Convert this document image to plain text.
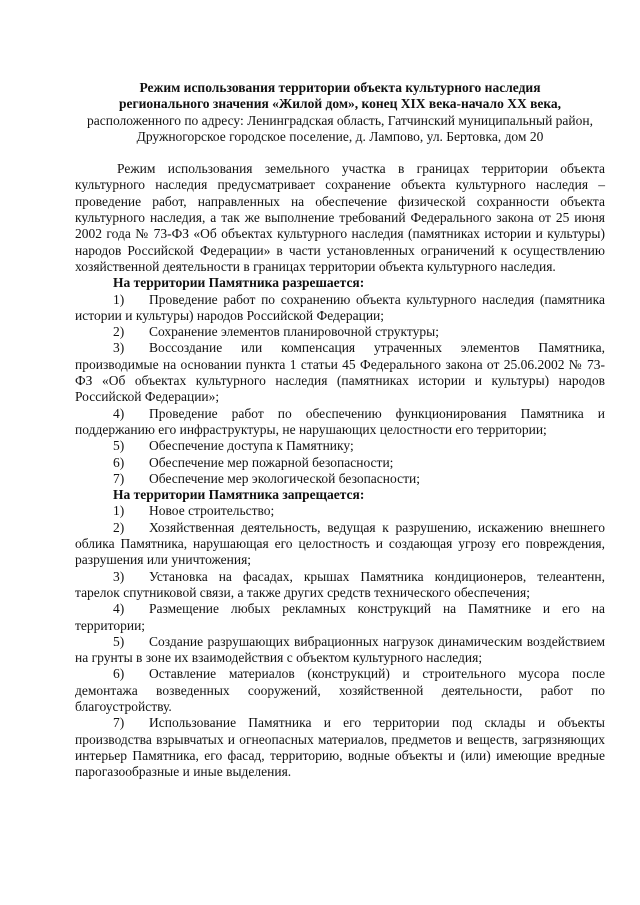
Режим использования территории объекта культурного наследия
регионального значения «Жилой дом», конец XIX века-начало XX века,
расположенного по адресу: Ленинградская область, Гатчинский муниципальный район, Дружногорское городское поселение, д. Лампово, ул. Бертовка, дом 20

Режим использования земельного участка в границах территории объекта культурного наследия предусматривает сохранение объекта культурного наследия – проведение работ, направленных на обеспечение физической сохранности объекта культурного наследия, а так же выполнение требований Федерального закона от 25 июня 2002 года № 73-ФЗ «Об объектах культурного наследия (памятниках истории и культуры) народов Российской Федерации» в части установленных ограничений к осуществлению хозяйственной деятельности в границах территории объекта культурного наследия.

На территории Памятника разрешается:

1) Проведение работ по сохранению объекта культурного наследия (памятника истории и культуры) народов Российской Федерации;

2) Сохранение элементов планировочной структуры;

3) Воссоздание или компенсация утраченных элементов Памятника, производимые на основании пункта 1 статьи 45 Федерального закона от 25.06.2002 № 73-ФЗ «Об объектах культурного наследия (памятниках истории и культуры) народов Российской Федерации»;

4) Проведение работ по обеспечению функционирования Памятника и поддержанию его инфраструктуры, не нарушающих целостности его территории;

5) Обеспечение доступа к Памятнику;

6) Обеспечение мер пожарной безопасности;

7) Обеспечение мер экологической безопасности;

На территории Памятника запрещается:

1) Новое строительство;

2) Хозяйственная деятельность, ведущая к разрушению, искажению внешнего облика Памятника, нарушающая его целостность и создающая угрозу его повреждения, разрушения или уничтожения;

3) Установка на фасадах, крышах Памятника кондиционеров, телеантенн, тарелок спутниковой связи, а также других средств технического обеспечения;

4) Размещение любых рекламных конструкций на Памятнике и его на территории;

5) Создание разрушающих вибрационных нагрузок динамическим воздействием на грунты в зоне их взаимодействия с объектом культурного наследия;

6) Оставление материалов (конструкций) и строительного мусора после демонтажа возведенных сооружений, хозяйственной деятельности, работ по благоустройству.

7) Использование Памятника и его территории под склады и объекты производства взрывчатых и огнеопасных материалов, предметов и веществ, загрязняющих интерьер Памятника, его фасад, территорию, водные объекты и (или) имеющие вредные парогазообразные и иные выделения.
